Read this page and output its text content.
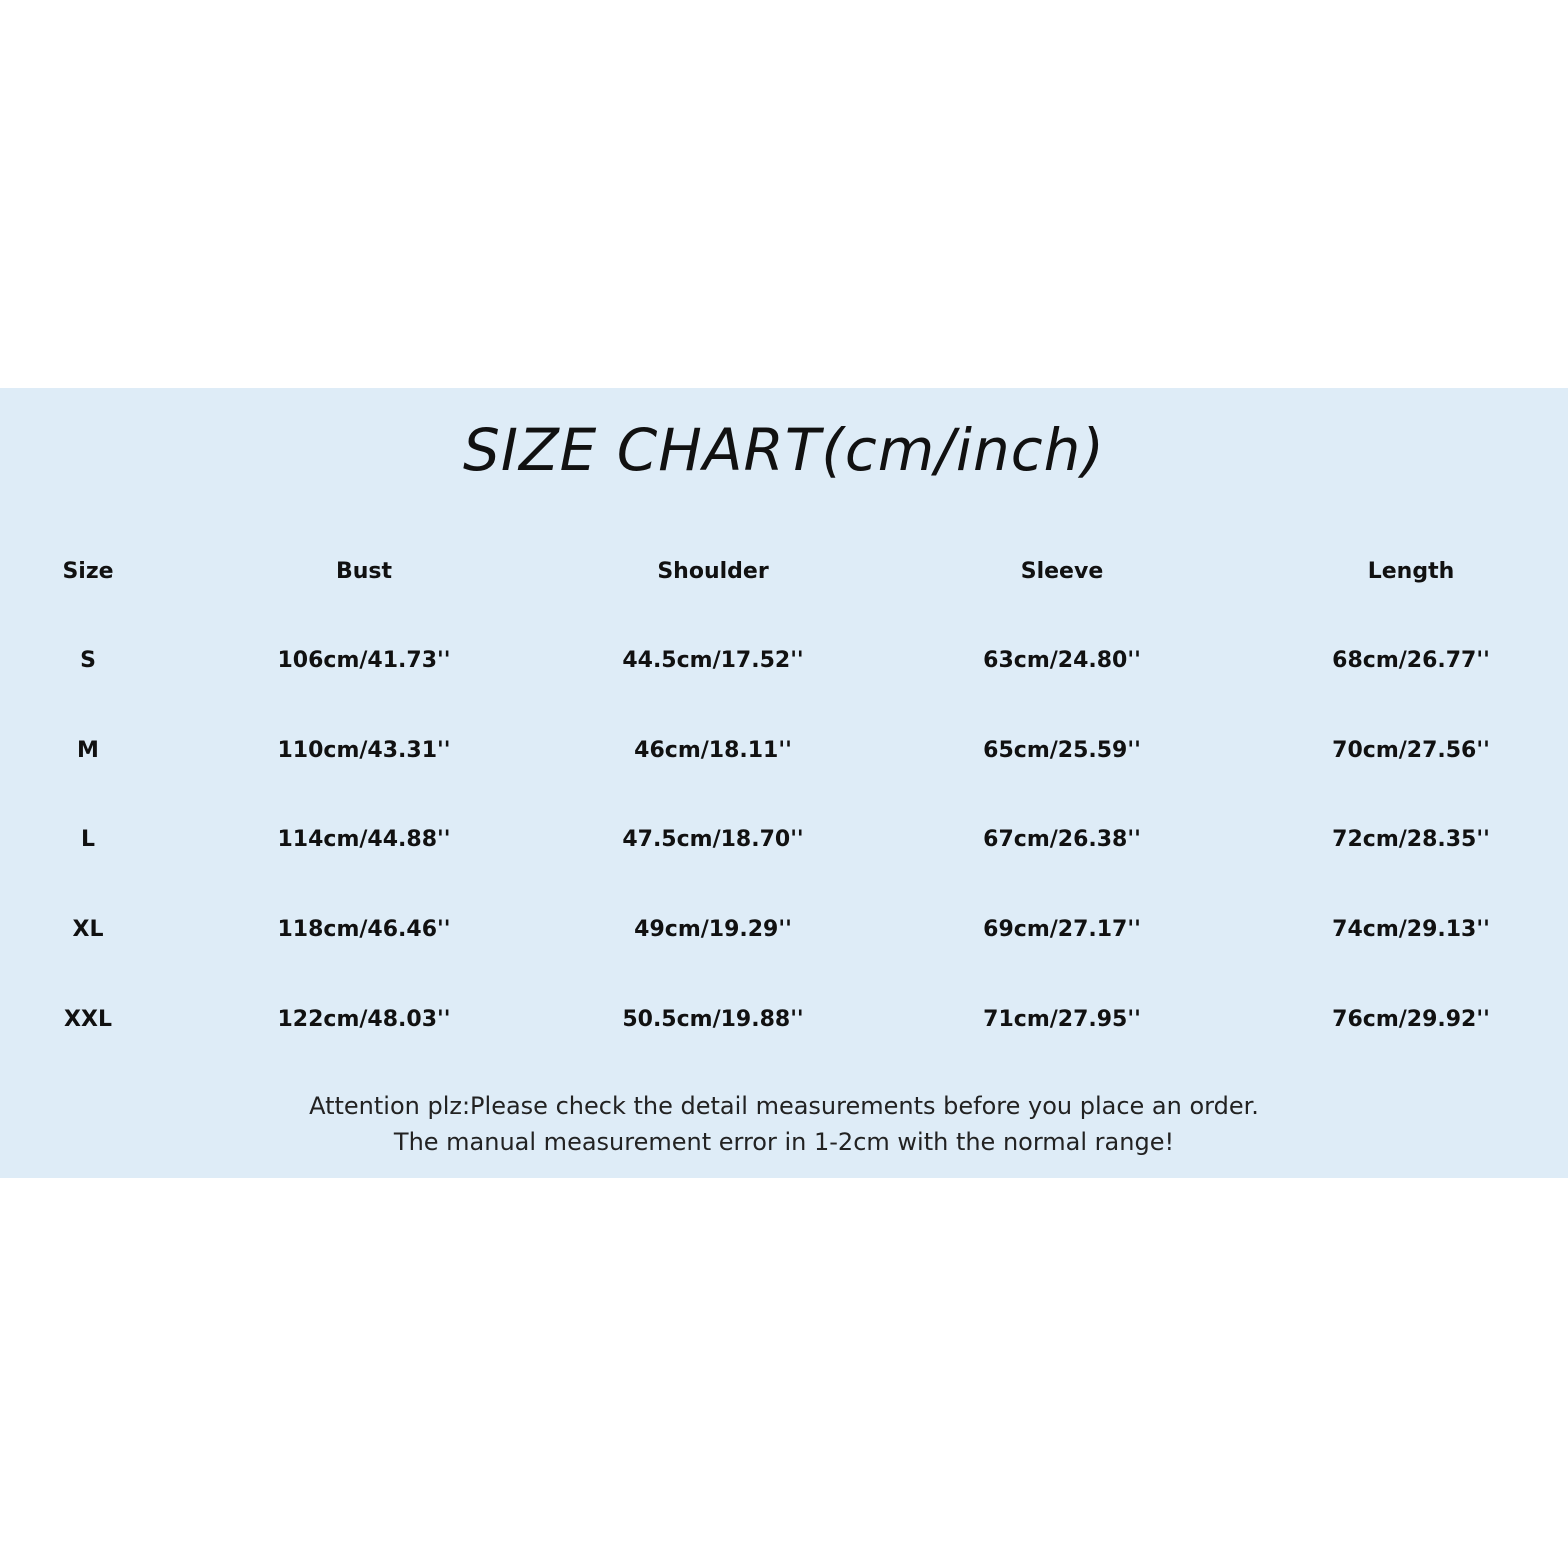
SIZE CHART(cm/inch)
Size	Bust	Shoulder	Sleeve	Length
S	106cm/41.73''	44.5cm/17.52''	63cm/24.80''	68cm/26.77''
M	110cm/43.31''	46cm/18.11''	65cm/25.59''	70cm/27.56''
L	114cm/44.88''	47.5cm/18.70''	67cm/26.38''	72cm/28.35''
XL	118cm/46.46''	49cm/19.29''	69cm/27.17''	74cm/29.13''
XXL	122cm/48.03''	50.5cm/19.88''	71cm/27.95''	76cm/29.92''
Attention plz:Please check the detail measurements before you place an order.
The manual measurement error in 1-2cm with the normal range!
